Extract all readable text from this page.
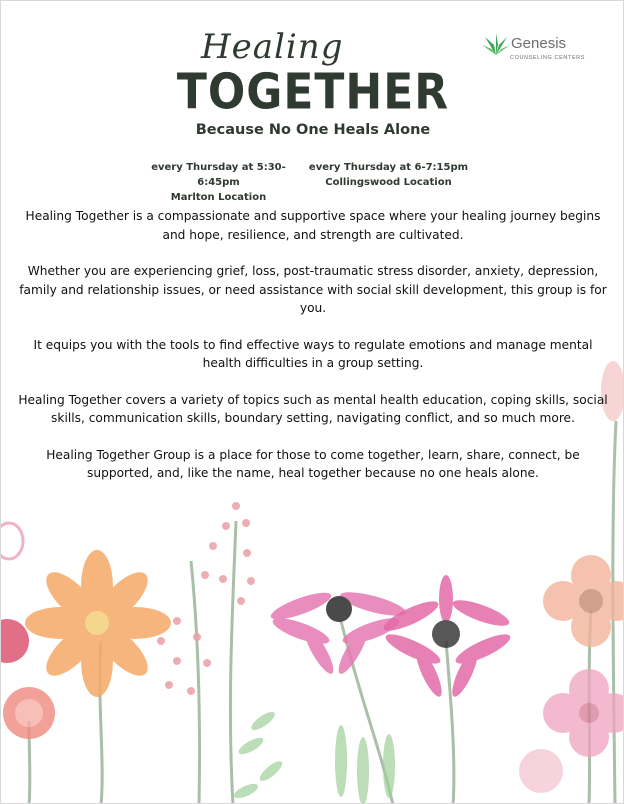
Genesis
COUNSELING CENTERS
Healing
TOGETHER
Because No One Heals Alone
every Thursday at 5:30-6:45pm
Marlton Location
every Thursday at 6-7:15pm
Collingswood Location

Healing Together is a compassionate and supportive space where your healing journey begins and hope, resilience, and strength are cultivated.

Whether you are experiencing grief, loss, post-traumatic stress disorder, anxiety, depression, family and relationship issues, or need assistance with social skill development, this group is for you.

It equips you with the tools to find effective ways to regulate emotions and manage mental health difficulties in a group setting.

Healing Together covers a variety of topics such as mental health education, coping skills, social skills, communication skills, boundary setting, navigating conflict, and so much more.

Healing Together Group is a place for those to come together, learn, share, connect, be supported, and, like the name, heal together because no one heals alone.
